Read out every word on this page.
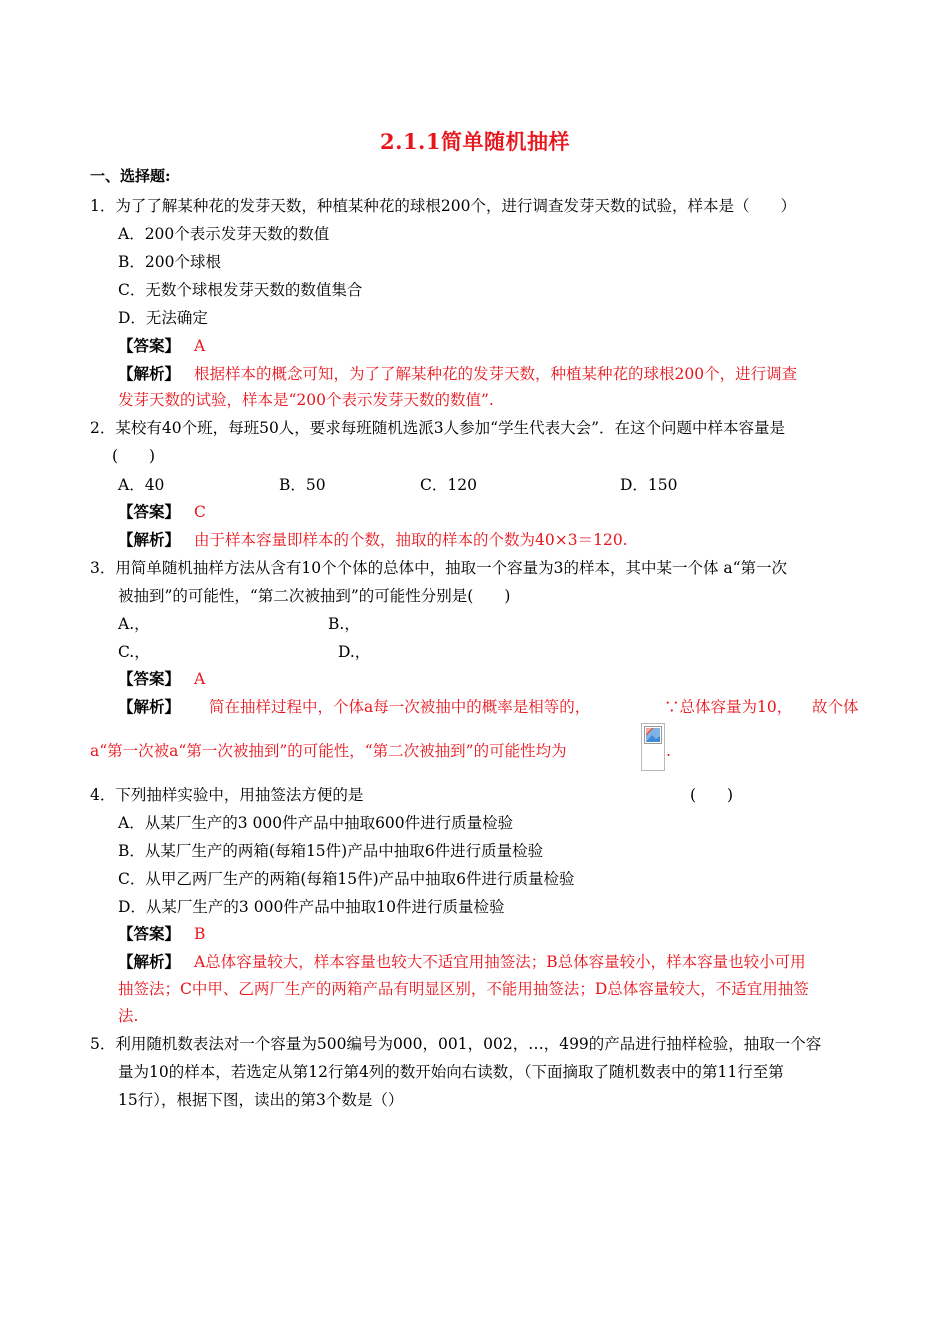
2.1.1简单随机抽样
一、选择题:
1．为了了解某种花的发芽天数，种植某种花的球根200个，进行调查发芽天数的试验，样本是（　　）
A．200个表示发芽天数的数值
B．200个球根
C．无数个球根发芽天数的数值集合
D．无法确定
【答案】 A
【解析】 根据样本的概念可知，为了了解某种花的发芽天数，种植某种花的球根200个，进行调查
发芽天数的试验，样本是“200个表示发芽天数的数值”.
2．某校有40个班，每班50人，要求每班随机选派3人参加“学生代表大会”．在这个问题中样本容量是
(　　)
A．40	B．50	C．120	D．150
【答案】 C
【解析】 由于样本容量即样本的个数，抽取的样本的个数为40×3＝120.
3．用简单随机抽样方法从含有10个个体的总体中，抽取一个容量为3的样本，其中某一个体 a“第一次
被抽到”的可能性，“第二次被抽到”的可能性分别是(　　)
A.，	B.，
C.，	D.，
【答案】 A
【解析】 简在抽样过程中，个体a每一次被抽中的概率是相等的，	∵总体容量为10， 故个体
a“第一次被a“第一次被抽到”的可能性，“第二次被抽到”的可能性均为	.
4．下列抽样实验中，用抽签法方便的是	(　　)
A．从某厂生产的3 000件产品中抽取600件进行质量检验
B．从某厂生产的两箱(每箱15件)产品中抽取6件进行质量检验
C．从甲乙两厂生产的两箱(每箱15件)产品中抽取6件进行质量检验
D．从某厂生产的3 000件产品中抽取10件进行质量检验
【答案】 B
【解析】 A总体容量较大，样本容量也较大不适宜用抽签法；B总体容量较小，样本容量也较小可用
抽签法；C中甲、乙两厂生产的两箱产品有明显区别，不能用抽签法；D总体容量较大，不适宜用抽签
法.
5．利用随机数表法对一个容量为500编号为000，001，002，…，499的产品进行抽样检验，抽取一个容
量为10的样本，若选定从第12行第4列的数开始向右读数，（下面摘取了随机数表中的第11行至第
15行），根据下图，读出的第3个数是（）
